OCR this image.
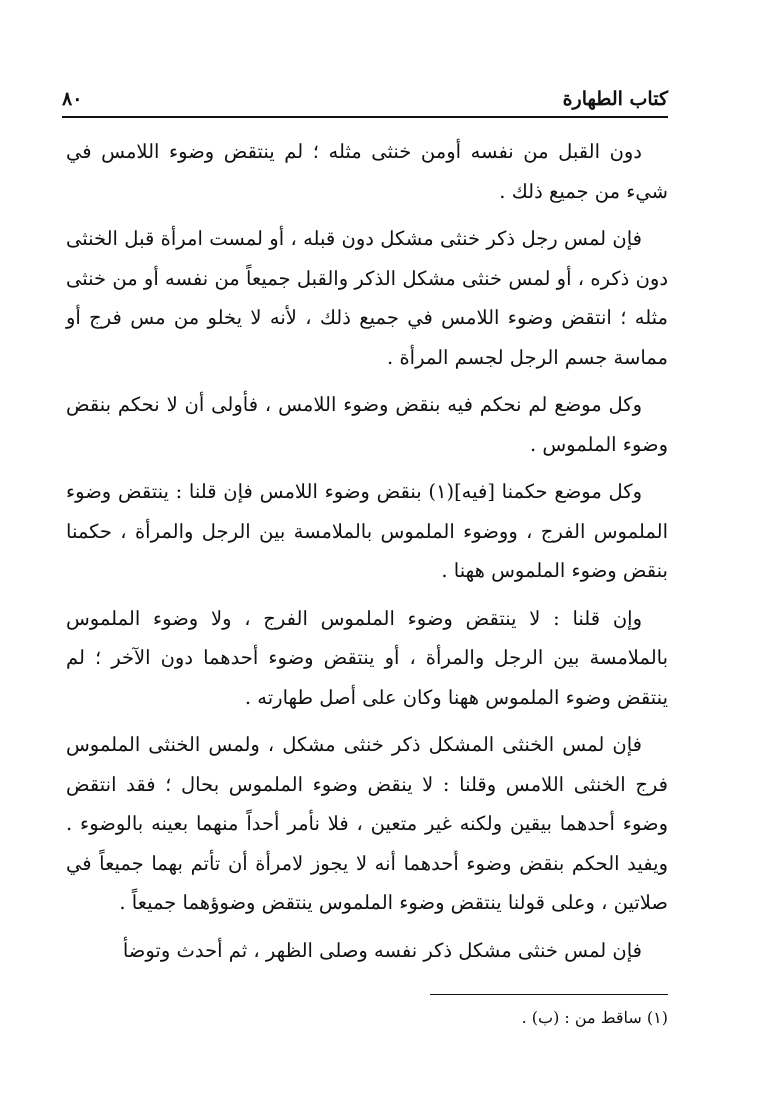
كتاب الطهارة
٨٠

دون القبل من نفسه أومن خنثى مثله ؛ لم ينتقض وضوء اللامس في شيء من جميع ذلك .

فإن لمس رجل ذكر خنثى مشكل دون قبله ، أو لمست امرأة قبل الخنثى دون ذكره ، أو لمس خنثى مشكل الذكر والقبل جميعاً من نفسه أو من خنثى مثله ؛ انتقض وضوء اللامس في جميع ذلك ، لأنه لا يخلو من مس فرج أو مماسة جسم الرجل لجسم المرأة .

وكل موضع لم نحكم فيه بنقض وضوء اللامس ، فأولى أن لا نحكم بنقض وضوء الملموس .

وكل موضع حكمنا [فيه](١) بنقض وضوء اللامس فإن قلنا : ينتقض وضوء الملموس الفرج ، ووضوء الملموس بالملامسة بين الرجل والمرأة ، حكمنا بنقض وضوء الملموس ههنا .

وإن قلنا : لا ينتقض وضوء الملموس الفرج ، ولا وضوء الملموس بالملامسة بين الرجل والمرأة ، أو ينتقض وضوء أحدهما دون الآخر ؛ لم ينتقض وضوء الملموس ههنا وكان على أصل طهارته .

فإن لمس الخنثى المشكل ذكر خنثى مشكل ، ولمس الخنثى الملموس فرج الخنثى اللامس وقلنا : لا ينقض وضوء الملموس بحال ؛ فقد انتقض وضوء أحدهما بيقين ولكنه غير متعين ، فلا نأمر أحداً منهما بعينه بالوضوء . ويفيد الحكم بنقض وضوء أحدهما أنه لا يجوز لامرأة أن تأتم بهما جميعاً في صلاتين ، وعلى قولنا ينتقض وضوء الملموس ينتقض وضوؤهما جميعاً .

فإن لمس خنثى مشكل ذكر نفسه وصلى الظهر ، ثم أحدث وتوضأ

(١) ساقط من : (ب) .
